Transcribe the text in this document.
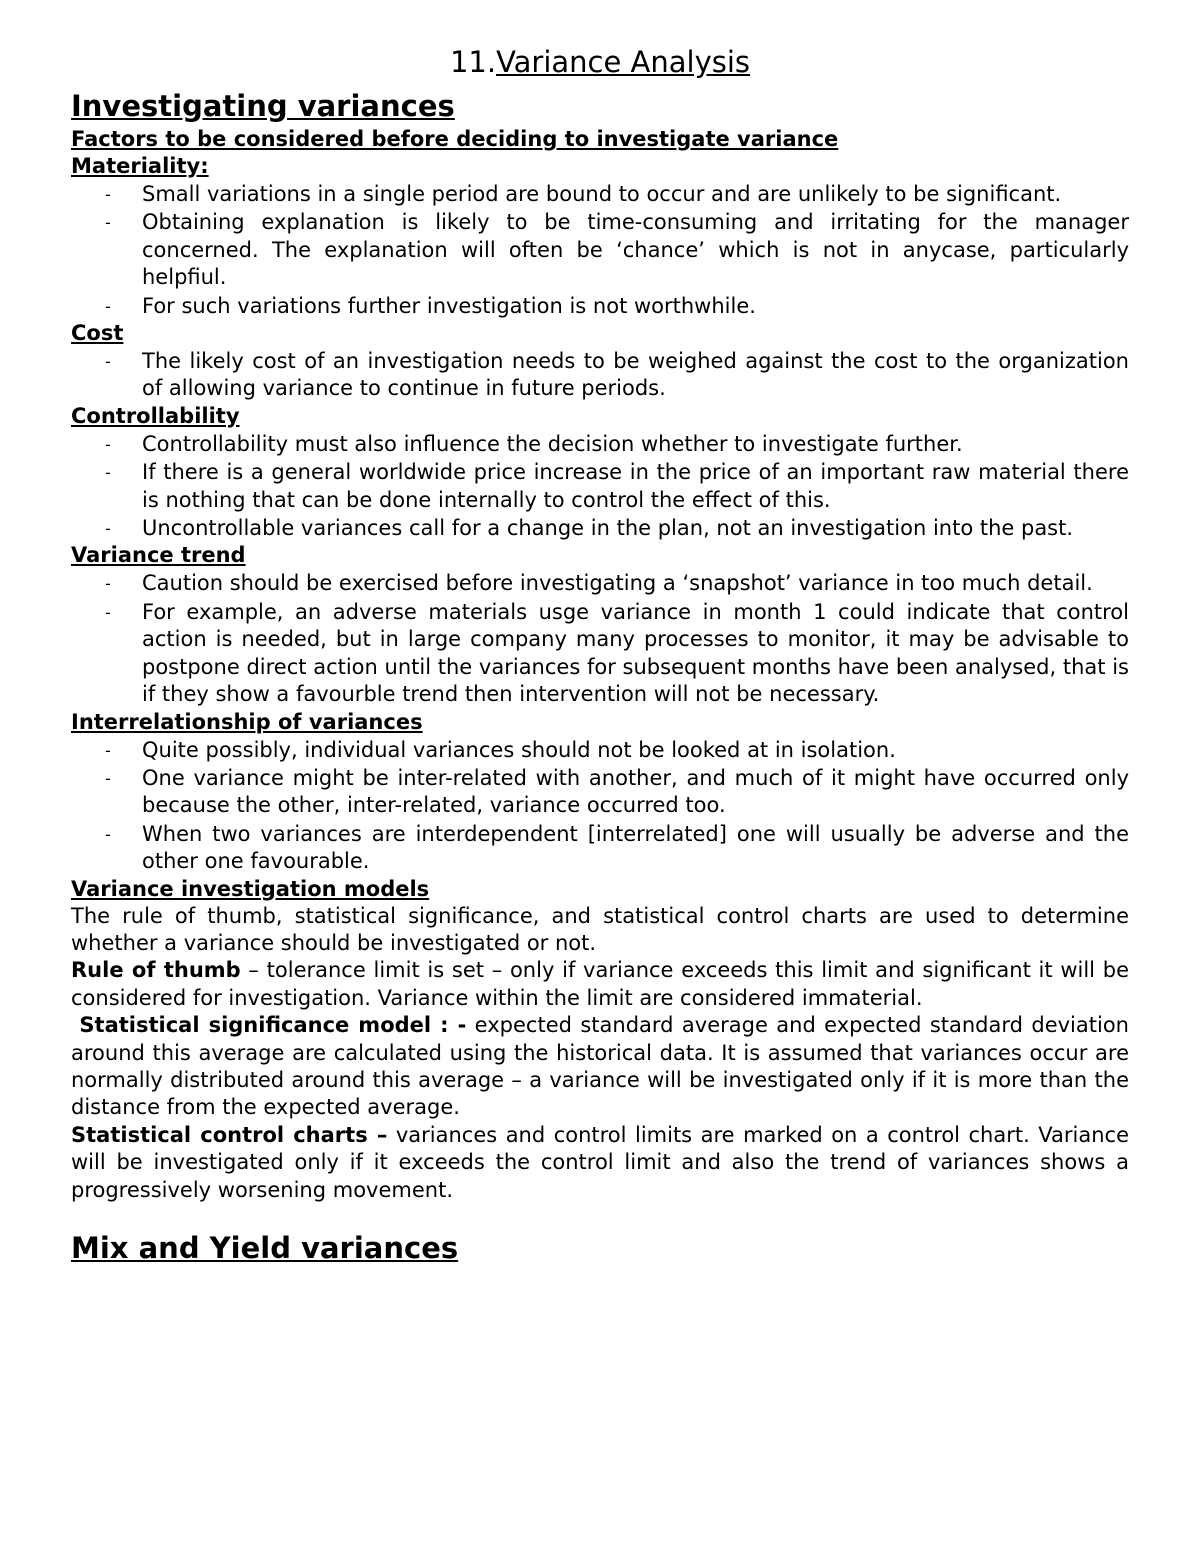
11.Variance Analysis
Investigating variances
Factors to be considered before deciding to investigate variance
Materiality:
- Small variations in a single period are bound to occur and are unlikely to be significant.
- Obtaining explanation is likely to be time-consuming and irritating for the manager concerned. The explanation will often be ‘chance’ which is not in anycase, particularly helpfiul.
- For such variations further investigation is not worthwhile.
Cost
- The likely cost of an investigation needs to be weighed against the cost to the organization of allowing variance to continue in future periods.
Controllability
- Controllability must also influence the decision whether to investigate further.
- If there is a general worldwide price increase in the price of an important raw material there is nothing that can be done internally to control the effect of this.
- Uncontrollable variances call for a change in the plan, not an investigation into the past.
Variance trend
- Caution should be exercised before investigating a ‘snapshot’ variance in too much detail.
- For example, an adverse materials usge variance in month 1 could indicate that control action is needed, but in large company many processes to monitor, it may be advisable to postpone direct action until the variances for subsequent months have been analysed, that is if they show a favourble trend then intervention will not be necessary.
Interrelationship of variances
- Quite possibly, individual variances should not be looked at in isolation.
- One variance might be inter-related with another, and much of it might have occurred only because the other, inter-related, variance occurred too.
- When two variances are interdependent [interrelated] one will usually be adverse and the other one favourable.
Variance investigation models

The rule of thumb, statistical significance, and statistical control charts are used to determine whether a variance should be investigated or not.

Rule of thumb – tolerance limit is set – only if variance exceeds this limit and significant it will be considered for investigation. Variance within the limit are considered immaterial.

Statistical significance model : - expected standard average and expected standard deviation around this average are calculated using the historical data. It is assumed that variances occur are normally distributed around this average – a variance will be investigated only if it is more than the distance from the expected average.

Statistical control charts – variances and control limits are marked on a control chart. Variance will be investigated only if it exceeds the control limit and also the trend of variances shows a progressively worsening movement.

Mix and Yield variances
